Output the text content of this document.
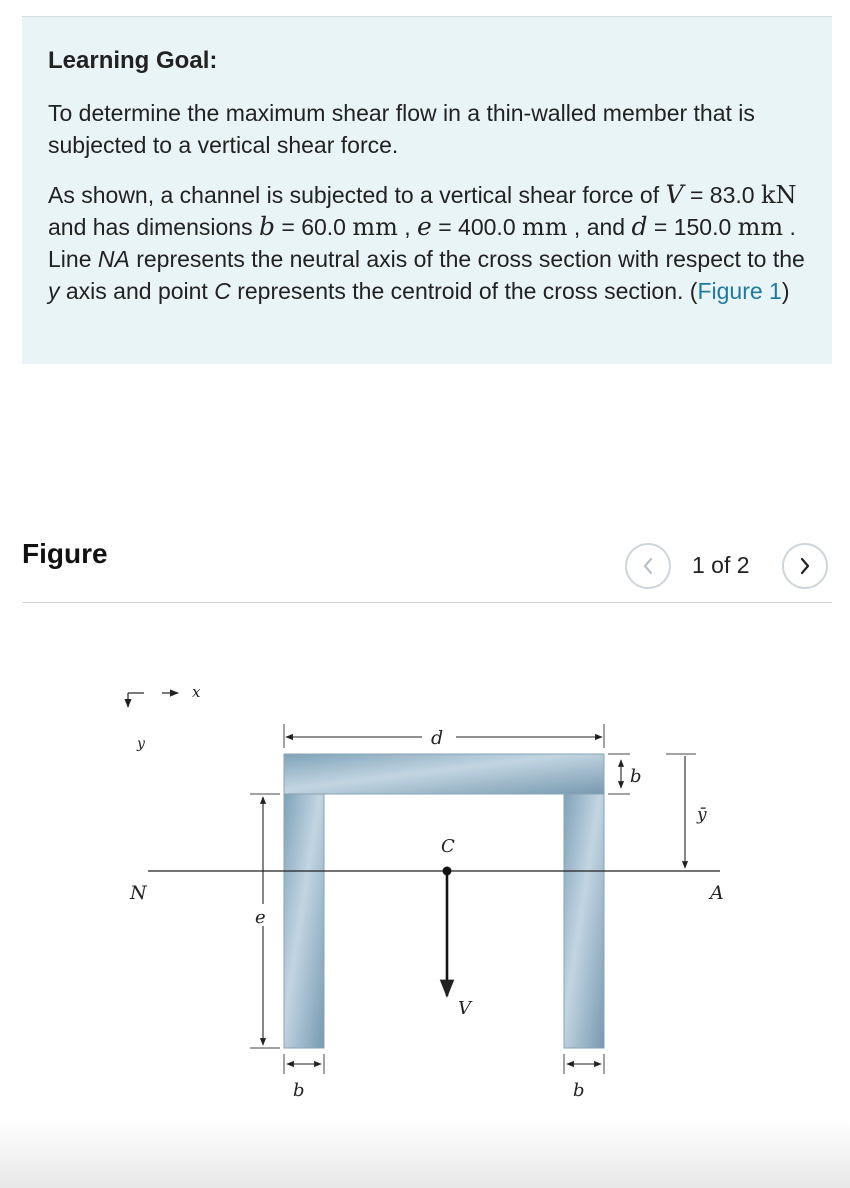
Learning Goal:
To determine the maximum shear flow in a thin-walled member that is subjected to a vertical shear force.
As shown, a channel is subjected to a vertical shear force of V = 83.0 kN and has dimensions b = 60.0 mm , e = 400.0 mm , and d = 150.0 mm . Line NA represents the neutral axis of the cross section with respect to the y axis and point C represents the centroid of the cross section. (Figure 1)
Figure	1 of 2
x
y	d
b
ȳ
N	A
C
V
e
b	b
